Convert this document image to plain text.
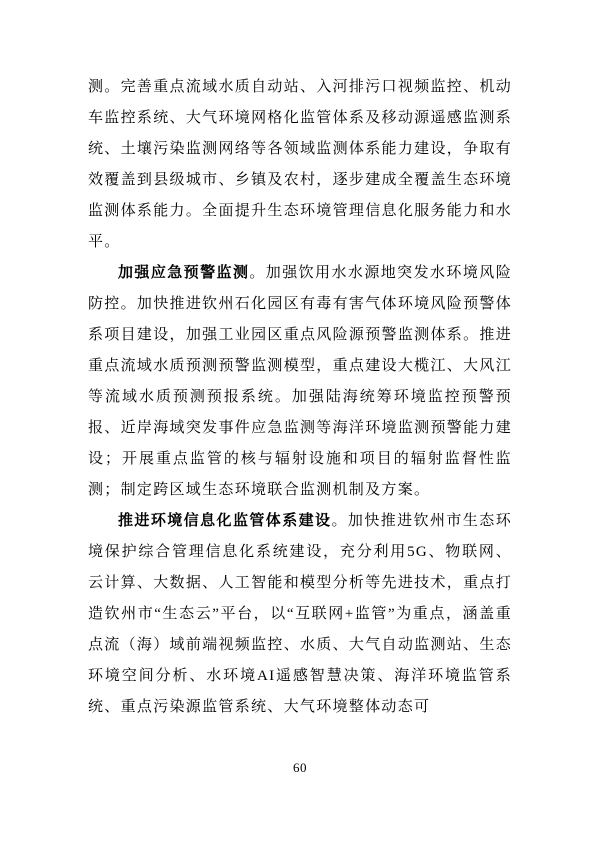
测。完善重点流域水质自动站、入河排污口视频监控、机动车监控系统、大气环境网格化监管体系及移动源遥感监测系统、土壤污染监测网络等各领域监测体系能力建设，争取有效覆盖到县级城市、乡镇及农村，逐步建成全覆盖生态环境监测体系能力。全面提升生态环境管理信息化服务能力和水平。

加强应急预警监测。加强饮用水水源地突发水环境风险防控。加快推进钦州石化园区有毒有害气体环境风险预警体系项目建设，加强工业园区重点风险源预警监测体系。推进重点流域水质预测预警监测模型，重点建设大榄江、大风江等流域水质预测预报系统。加强陆海统筹环境监控预警预报、近岸海域突发事件应急监测等海洋环境监测预警能力建设；开展重点监管的核与辐射设施和项目的辐射监督性监测；制定跨区域生态环境联合监测机制及方案。

推进环境信息化监管体系建设。加快推进钦州市生态环境保护综合管理信息化系统建设，充分利用5G、物联网、云计算、大数据、人工智能和模型分析等先进技术，重点打造钦州市“生态云”平台，以“互联网+监管”为重点，涵盖重点流（海）域前端视频监控、水质、大气自动监测站、生态环境空间分析、水环境AI遥感智慧决策、海洋环境监管系统、重点污染源监管系统、大气环境整体动态可

60
